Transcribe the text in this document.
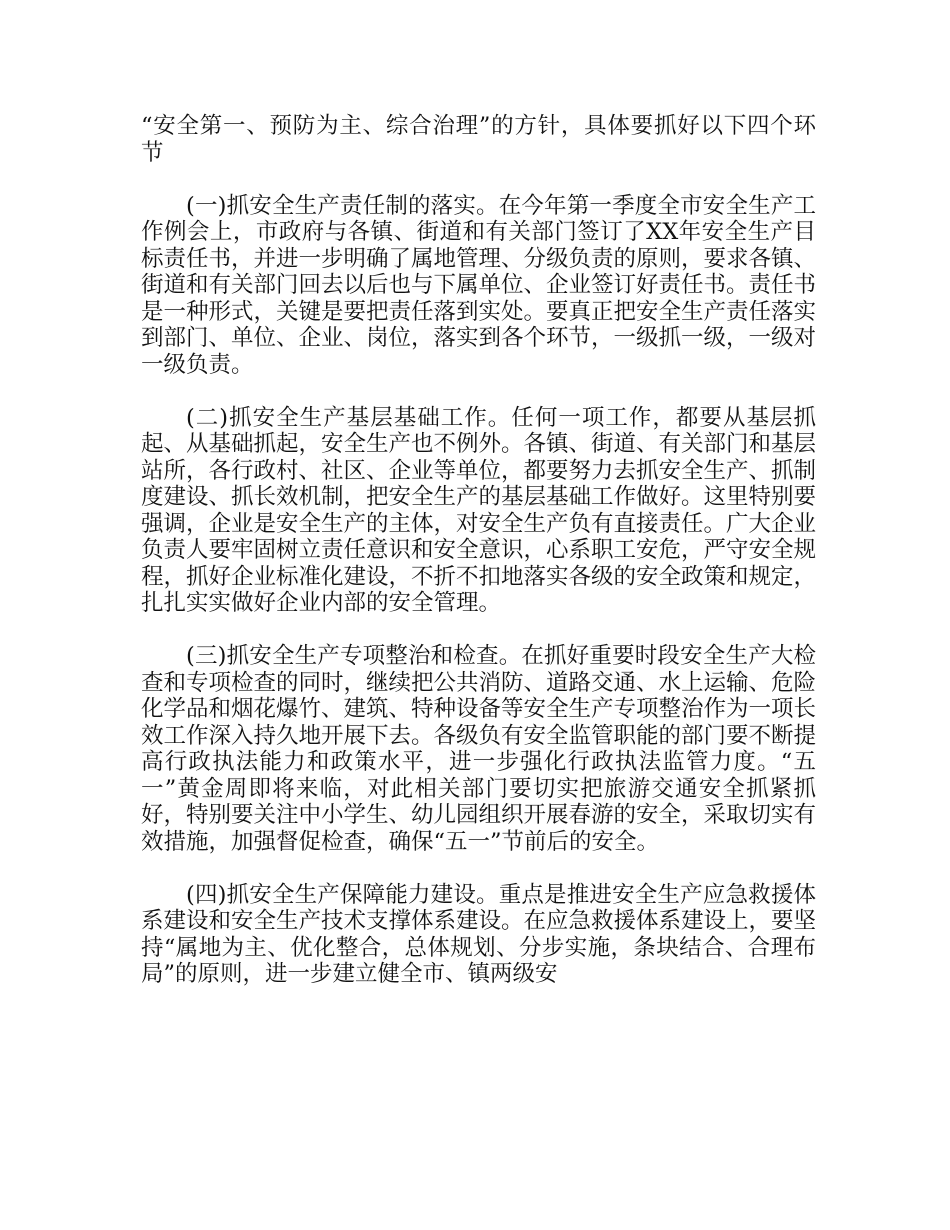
“安全第一、预防为主、综合治理”的方针，具体要抓好以下四个环节

(一)抓安全生产责任制的落实。在今年第一季度全市安全生产工作例会上，市政府与各镇、街道和有关部门签订了XX年安全生产目标责任书，并进一步明确了属地管理、分级负责的原则，要求各镇、街道和有关部门回去以后也与下属单位、企业签订好责任书。责任书是一种形式，关键是要把责任落到实处。要真正把安全生产责任落实到部门、单位、企业、岗位，落实到各个环节，一级抓一级，一级对一级负责。

(二)抓安全生产基层基础工作。任何一项工作，都要从基层抓起、从基础抓起，安全生产也不例外。各镇、街道、有关部门和基层站所，各行政村、社区、企业等单位，都要努力去抓安全生产、抓制度建设、抓长效机制，把安全生产的基层基础工作做好。这里特别要强调，企业是安全生产的主体，对安全生产负有直接责任。广大企业负责人要牢固树立责任意识和安全意识，心系职工安危，严守安全规程，抓好企业标准化建设，不折不扣地落实各级的安全政策和规定，扎扎实实做好企业内部的安全管理。

(三)抓安全生产专项整治和检查。在抓好重要时段安全生产大检查和专项检查的同时，继续把公共消防、道路交通、水上运输、危险化学品和烟花爆竹、建筑、特种设备等安全生产专项整治作为一项长效工作深入持久地开展下去。各级负有安全监管职能的部门要不断提高行政执法能力和政策水平，进一步强化行政执法监管力度。“五一”黄金周即将来临，对此相关部门要切实把旅游交通安全抓紧抓好，特别要关注中小学生、幼儿园组织开展春游的安全，采取切实有效措施，加强督促检查，确保“五一”节前后的安全。

(四)抓安全生产保障能力建设。重点是推进安全生产应急救援体系建设和安全生产技术支撑体系建设。在应急救援体系建设上，要坚持“属地为主、优化整合，总体规划、分步实施，条块结合、合理布局”的原则，进一步建立健全市、镇两级安
